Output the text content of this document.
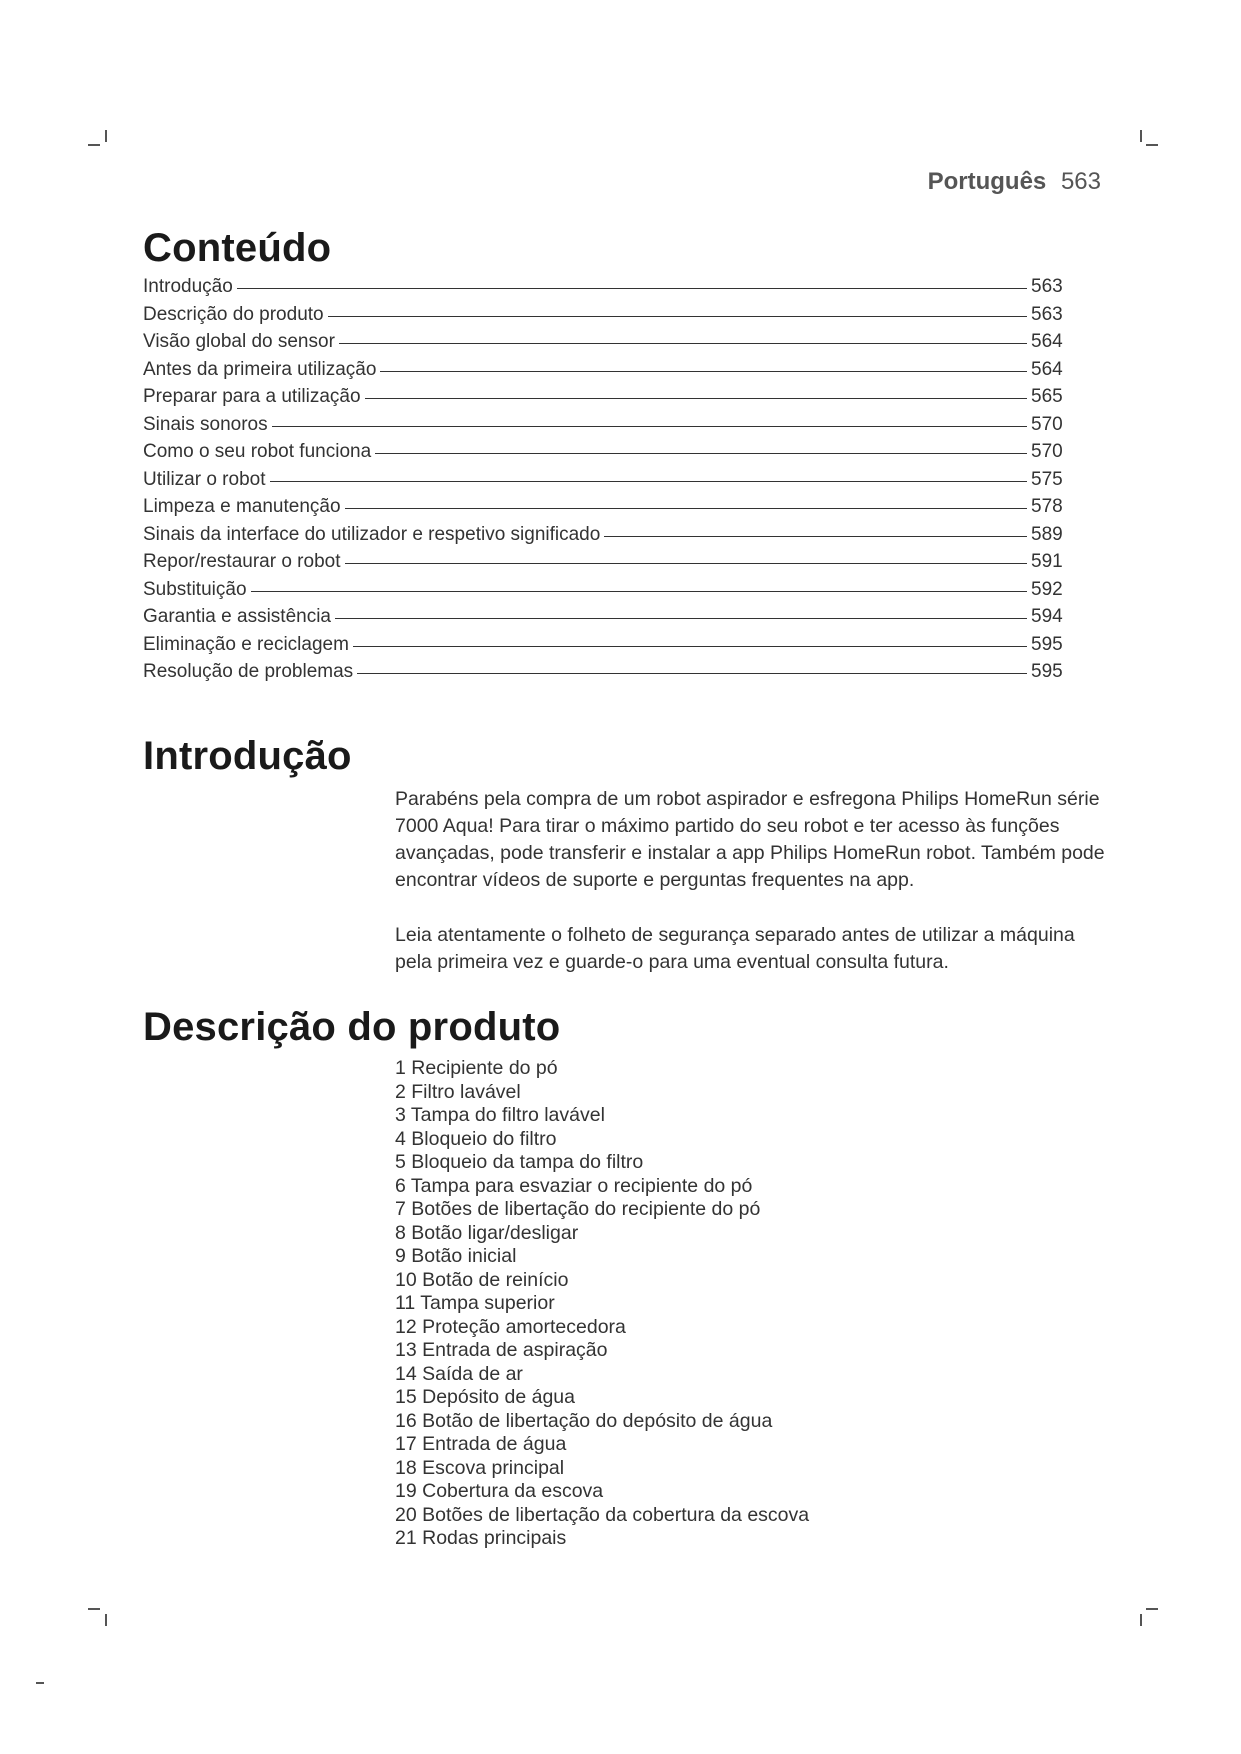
Português 563
Conteúdo
Introdução	563
Descrição do produto	563
Visão global do sensor	564
Antes da primeira utilização	564
Preparar para a utilização	565
Sinais sonoros	570
Como o seu robot funciona	570
Utilizar o robot	575
Limpeza e manutenção	578
Sinais da interface do utilizador e respetivo significado	589
Repor/restaurar o robot	591
Substituição	592
Garantia e assistência	594
Eliminação e reciclagem	595
Resolução de problemas	595
Introdução

Parabéns pela compra de um robot aspirador e esfregona Philips HomeRun série 7000 Aqua! Para tirar o máximo partido do seu robot e ter acesso às funções avançadas, pode transferir e instalar a app Philips HomeRun robot. Também pode encontrar vídeos de suporte e perguntas frequentes na app.

Leia atentamente o folheto de segurança separado antes de utilizar a máquina pela primeira vez e guarde-o para uma eventual consulta futura.

Descrição do produto
1 Recipiente do pó
2 Filtro lavável
3 Tampa do filtro lavável
4 Bloqueio do filtro
5 Bloqueio da tampa do filtro
6 Tampa para esvaziar o recipiente do pó
7 Botões de libertação do recipiente do pó
8 Botão ligar/desligar
9 Botão inicial
10 Botão de reinício
11 Tampa superior
12 Proteção amortecedora
13 Entrada de aspiração
14 Saída de ar
15 Depósito de água
16 Botão de libertação do depósito de água
17 Entrada de água
18 Escova principal
19 Cobertura da escova
20 Botões de libertação da cobertura da escova
21 Rodas principais
